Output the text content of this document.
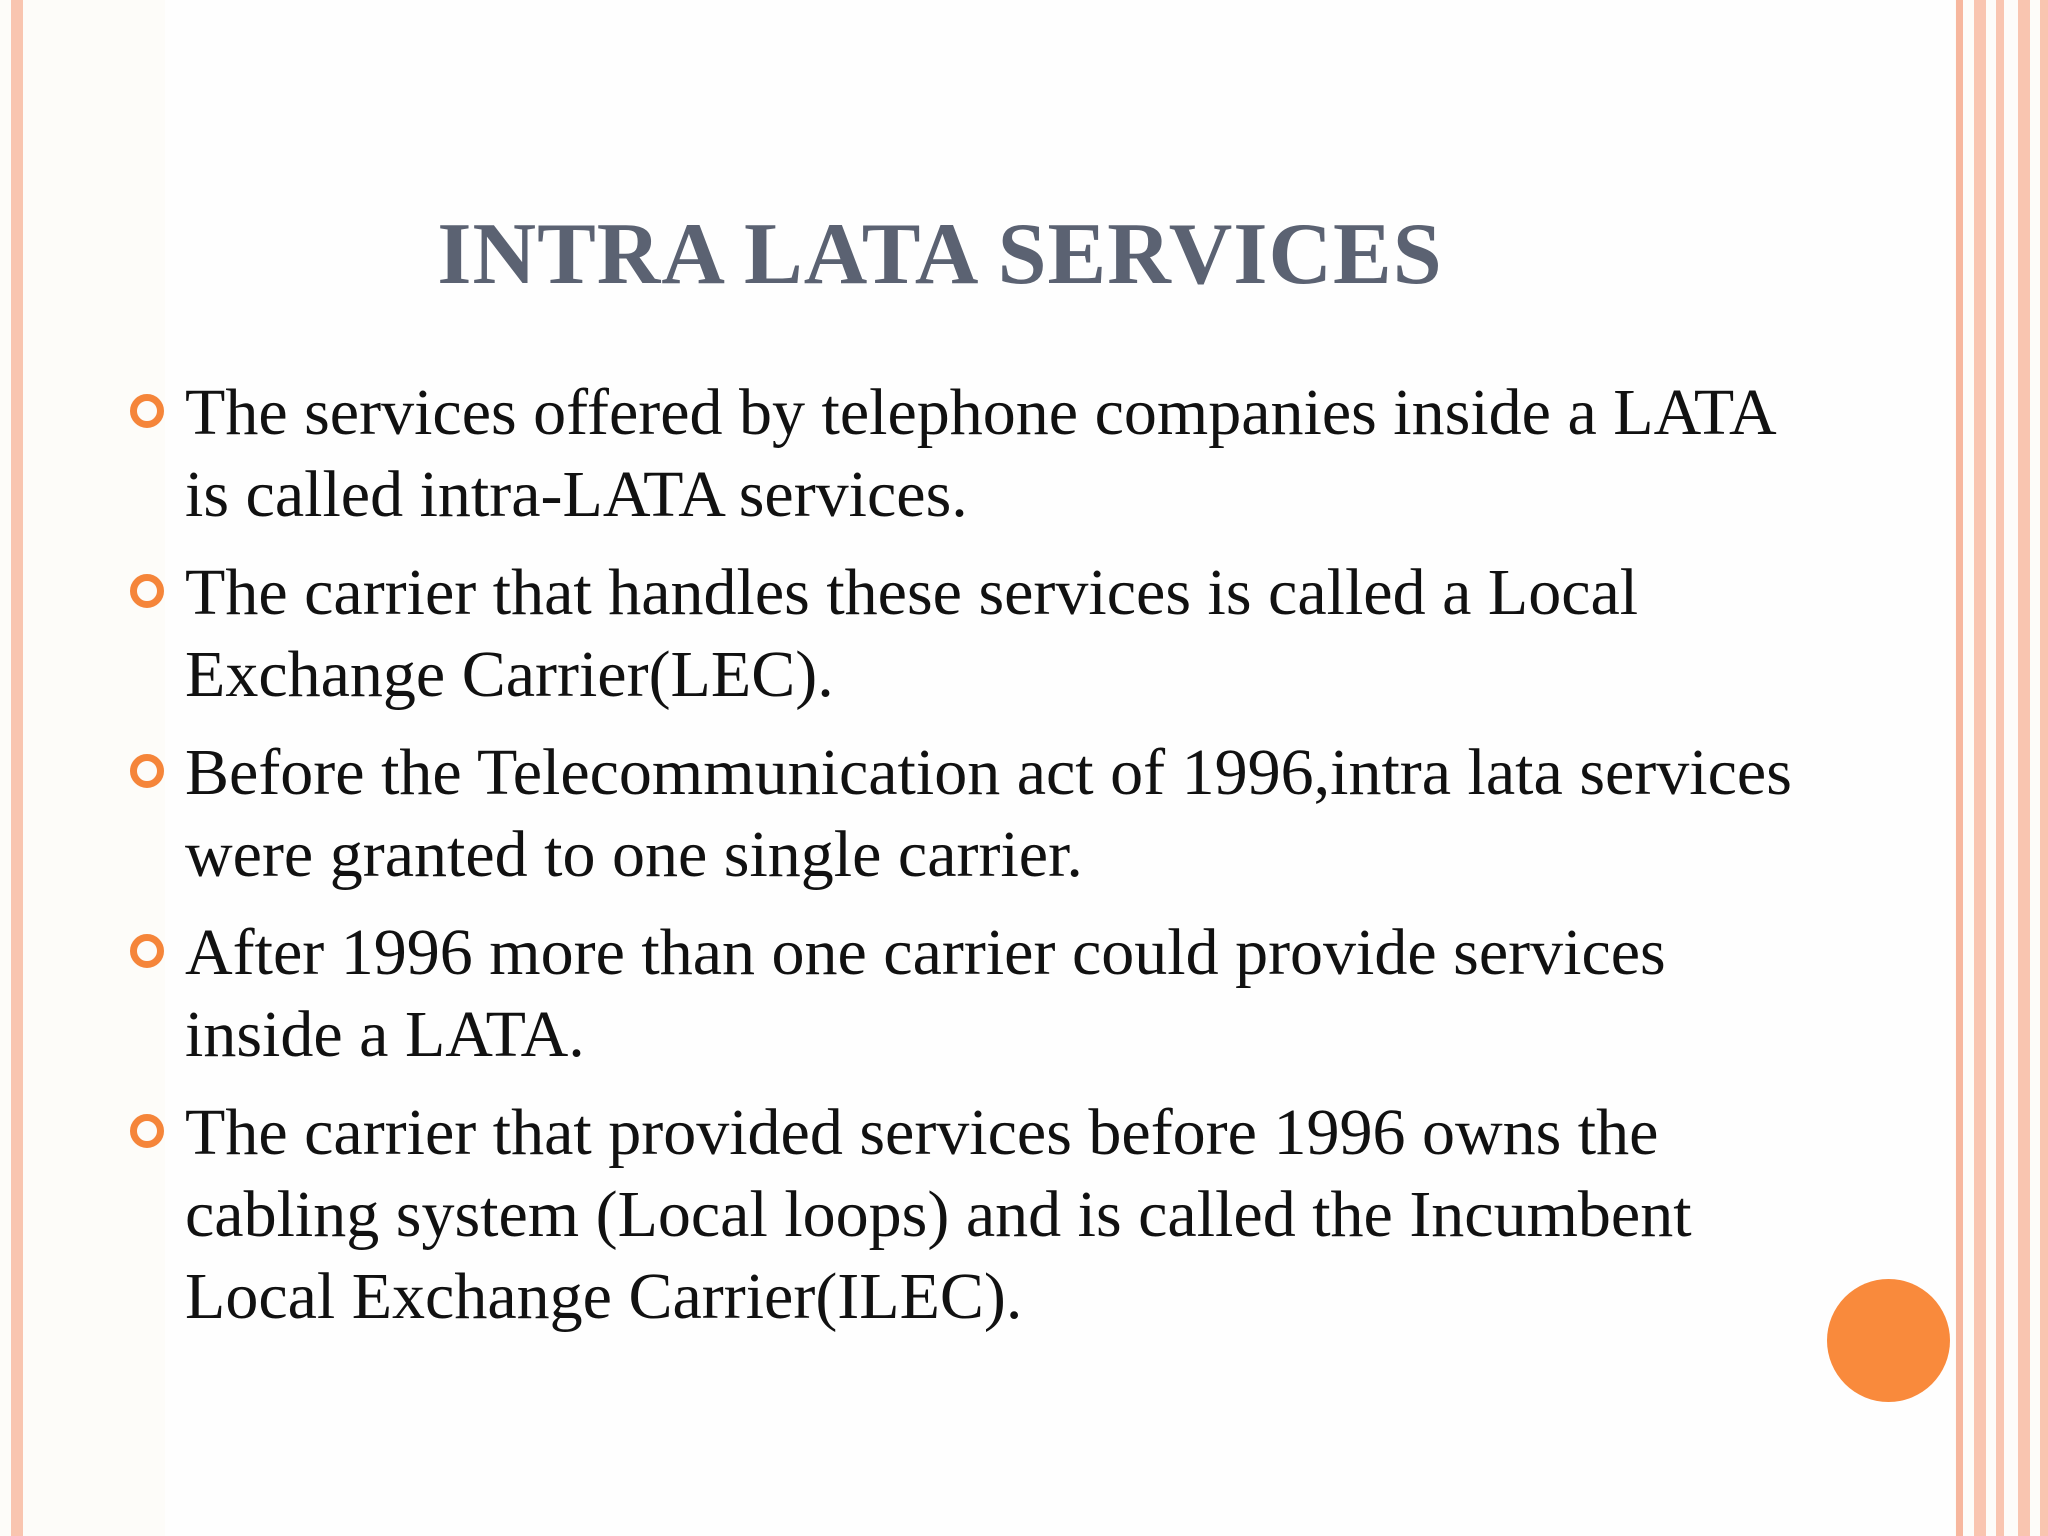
INTRA LATA SERVICES
The services offered by telephone companies inside a LATA is called intra-LATA services.
The carrier that handles these services is called a Local Exchange Carrier(LEC).
Before the Telecommunication act of 1996,intra lata services were granted to one single carrier.
After 1996 more than one carrier could provide services inside a LATA.
The carrier that provided services before 1996 owns the cabling system (Local loops) and is called the Incumbent Local Exchange Carrier(ILEC).
